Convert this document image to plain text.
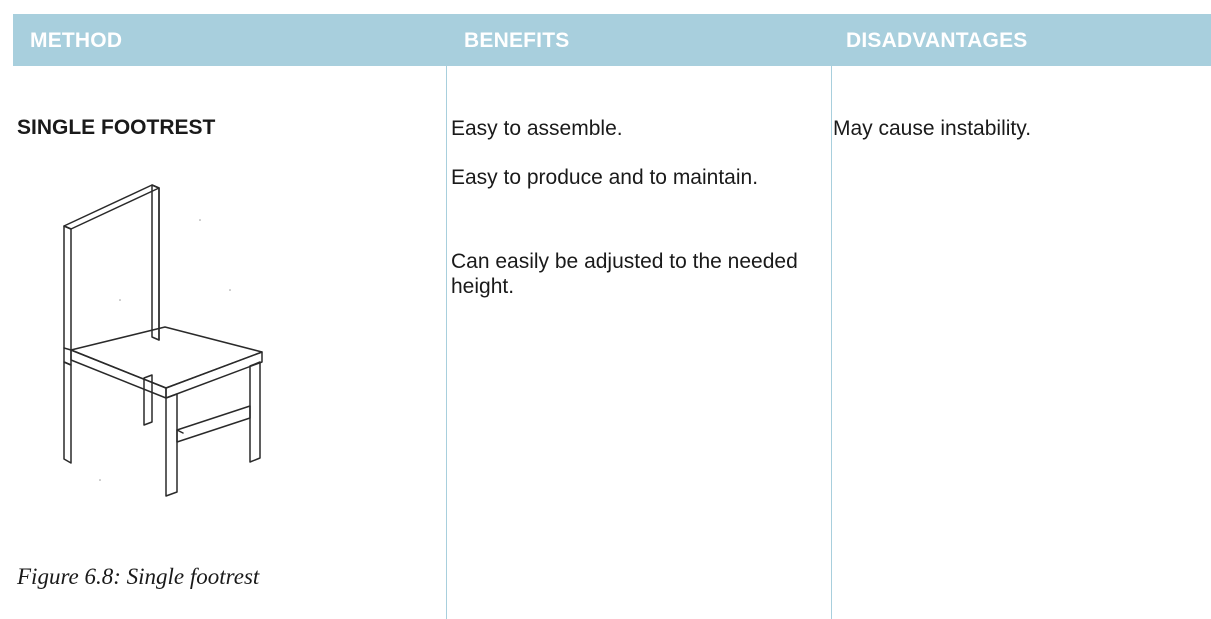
METHOD	BENEFITS	DISADVANTAGES
SINGLE FOOTREST
Figure 6.8: Single footrest
Easy to assemble.
Easy to produce and to maintain.
Can easily be adjusted to the needed height.
May cause instability.
